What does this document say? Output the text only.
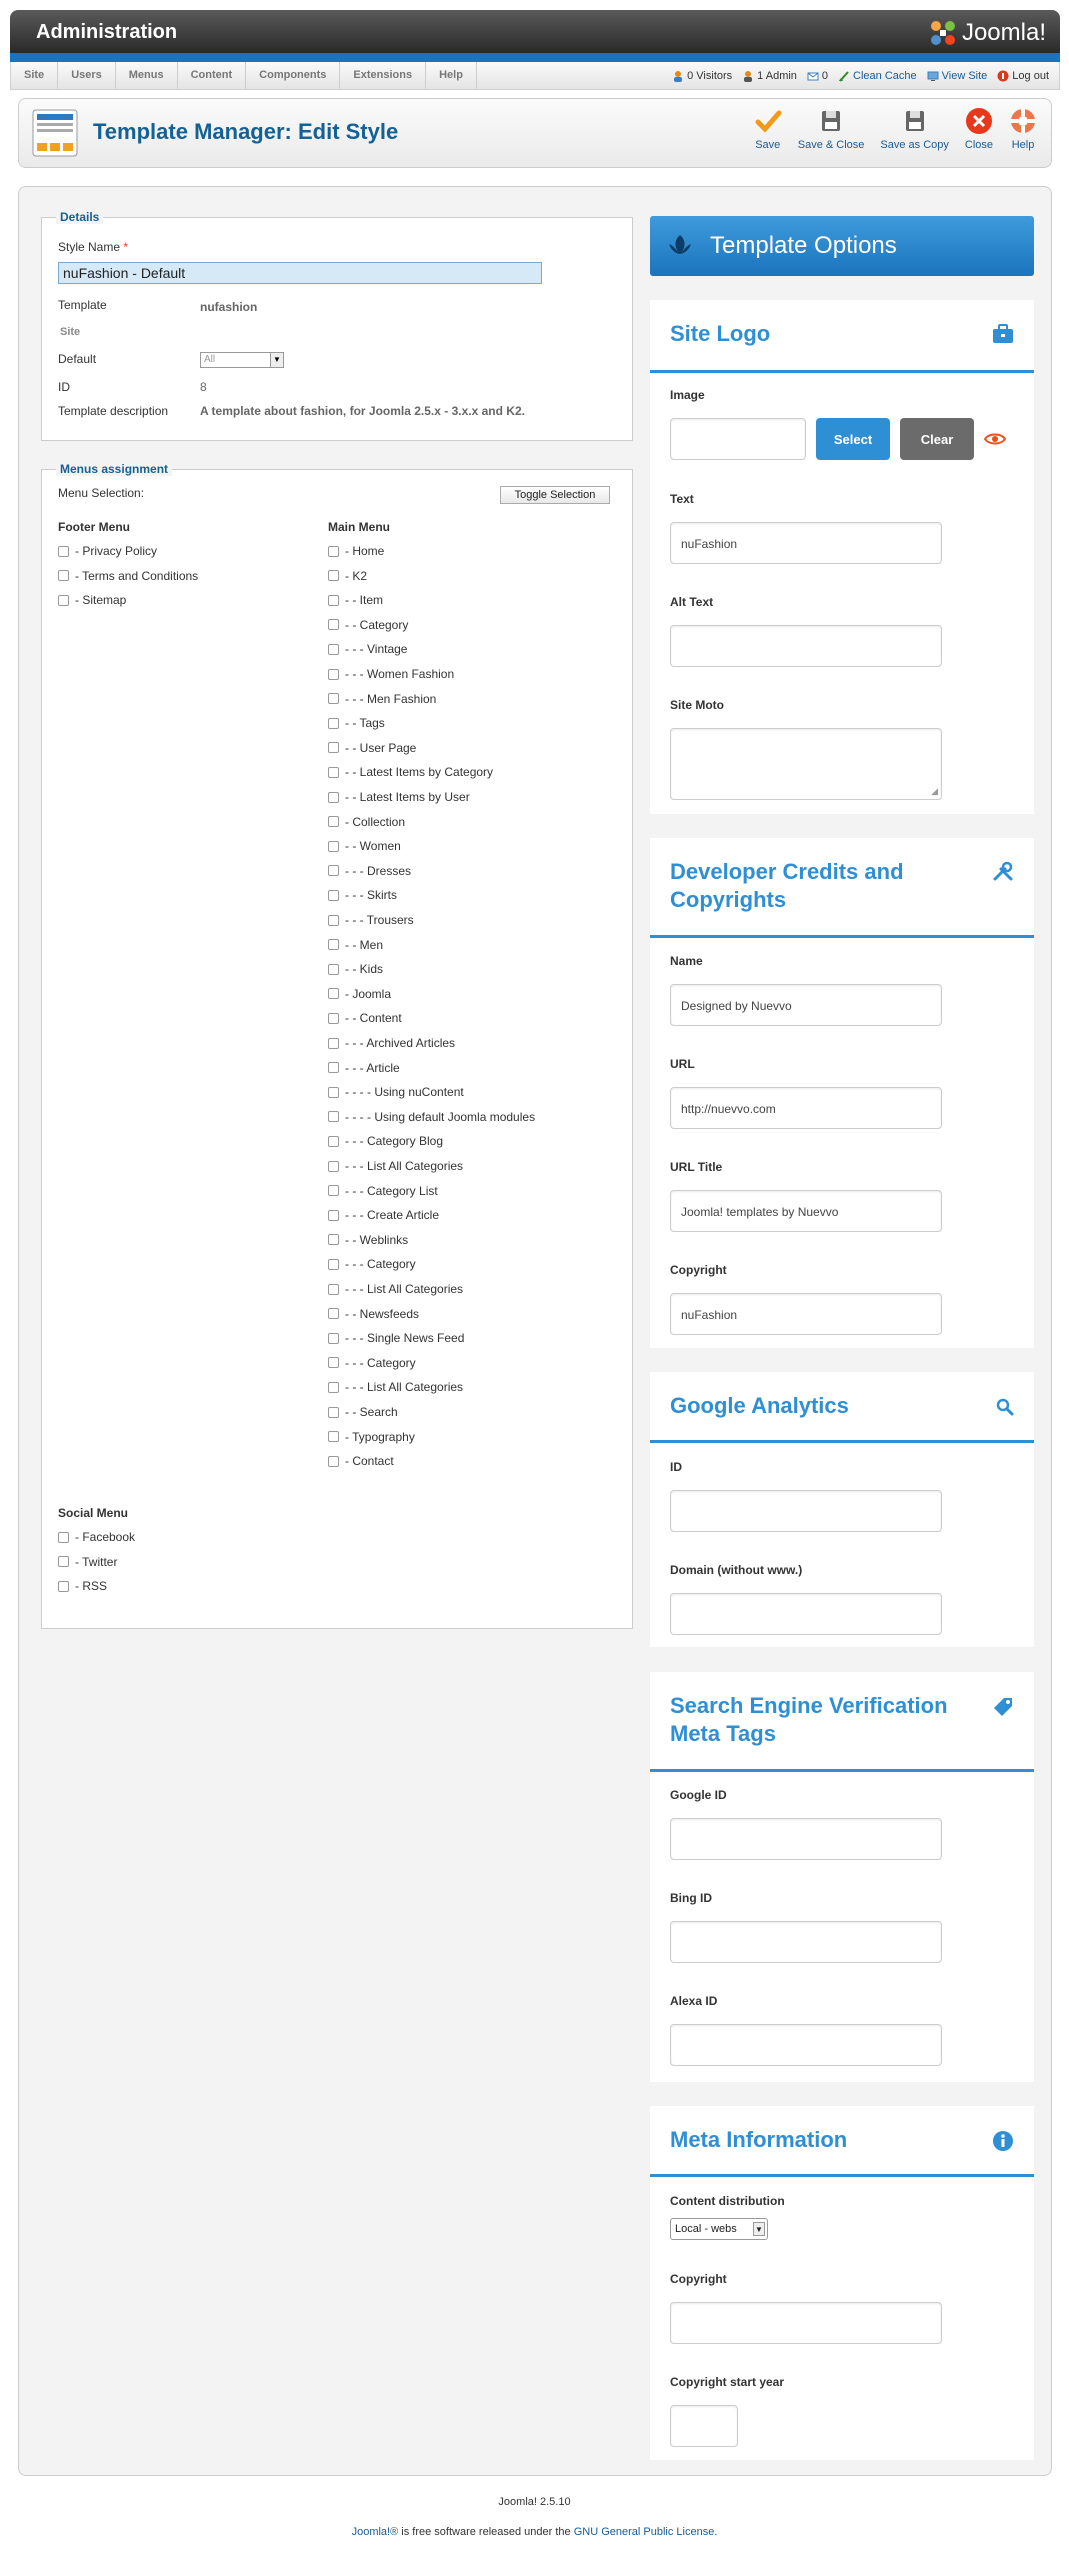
Administration	Joomla!
Site	Users	Menus	Content	Components	Extensions	Help	0 Visitors 1 Admin 0 Clean Cache View Site Log out
Template Manager: Edit Style
Save Save & Close Save as Copy Close Help
Details
Style Name *
nuFashion - Default
Template	nufashion
Site
Default	All	▼
ID	8
Template description	A template about fashion, for Joomla 2.5.x - 3.x.x and K2.
Menus assignment
Menu Selection:	Toggle Selection
Footer Menu
- Privacy Policy
- Terms and Conditions
- Sitemap
Main Menu
- Home
- K2
- - Item
- - Category
- - - Vintage
- - - Women Fashion
- - - Men Fashion
- - Tags
- - User Page
- - Latest Items by Category
- - Latest Items by User
- Collection
- - Women
- - - Dresses
- - - Skirts
- - - Trousers
- - Men
- - Kids
- Joomla
- - Content
- - - Archived Articles
- - - Article
- - - - Using nuContent
- - - - Using default Joomla modules
- - - Category Blog
- - - List All Categories
- - - Category List
- - - Create Article
- - Weblinks
- - - Category
- - - List All Categories
- - Newsfeeds
- - - Single News Feed
- - - Category
- - - List All Categories
- - Search
- Typography
- Contact
Social Menu
- Facebook
- Twitter
- RSS
Template Options
Site Logo
Image
Select	Clear
Text
nuFashion
Alt Text
Site Moto
◢
Developer Credits and Copyrights
Name
Designed by Nuevvo
URL
http://nuevvo.com
URL Title
Joomla! templates by Nuevvo
Copyright
nuFashion
Google Analytics
ID
Domain (without www.)
Search Engine Verification Meta Tags
Google ID
Bing ID
Alexa ID
Meta Information
Content distribution
Local - webs ▼
Copyright
Copyright start year
Joomla! 2.5.10
Joomla!® is free software released under the GNU General Public License.
